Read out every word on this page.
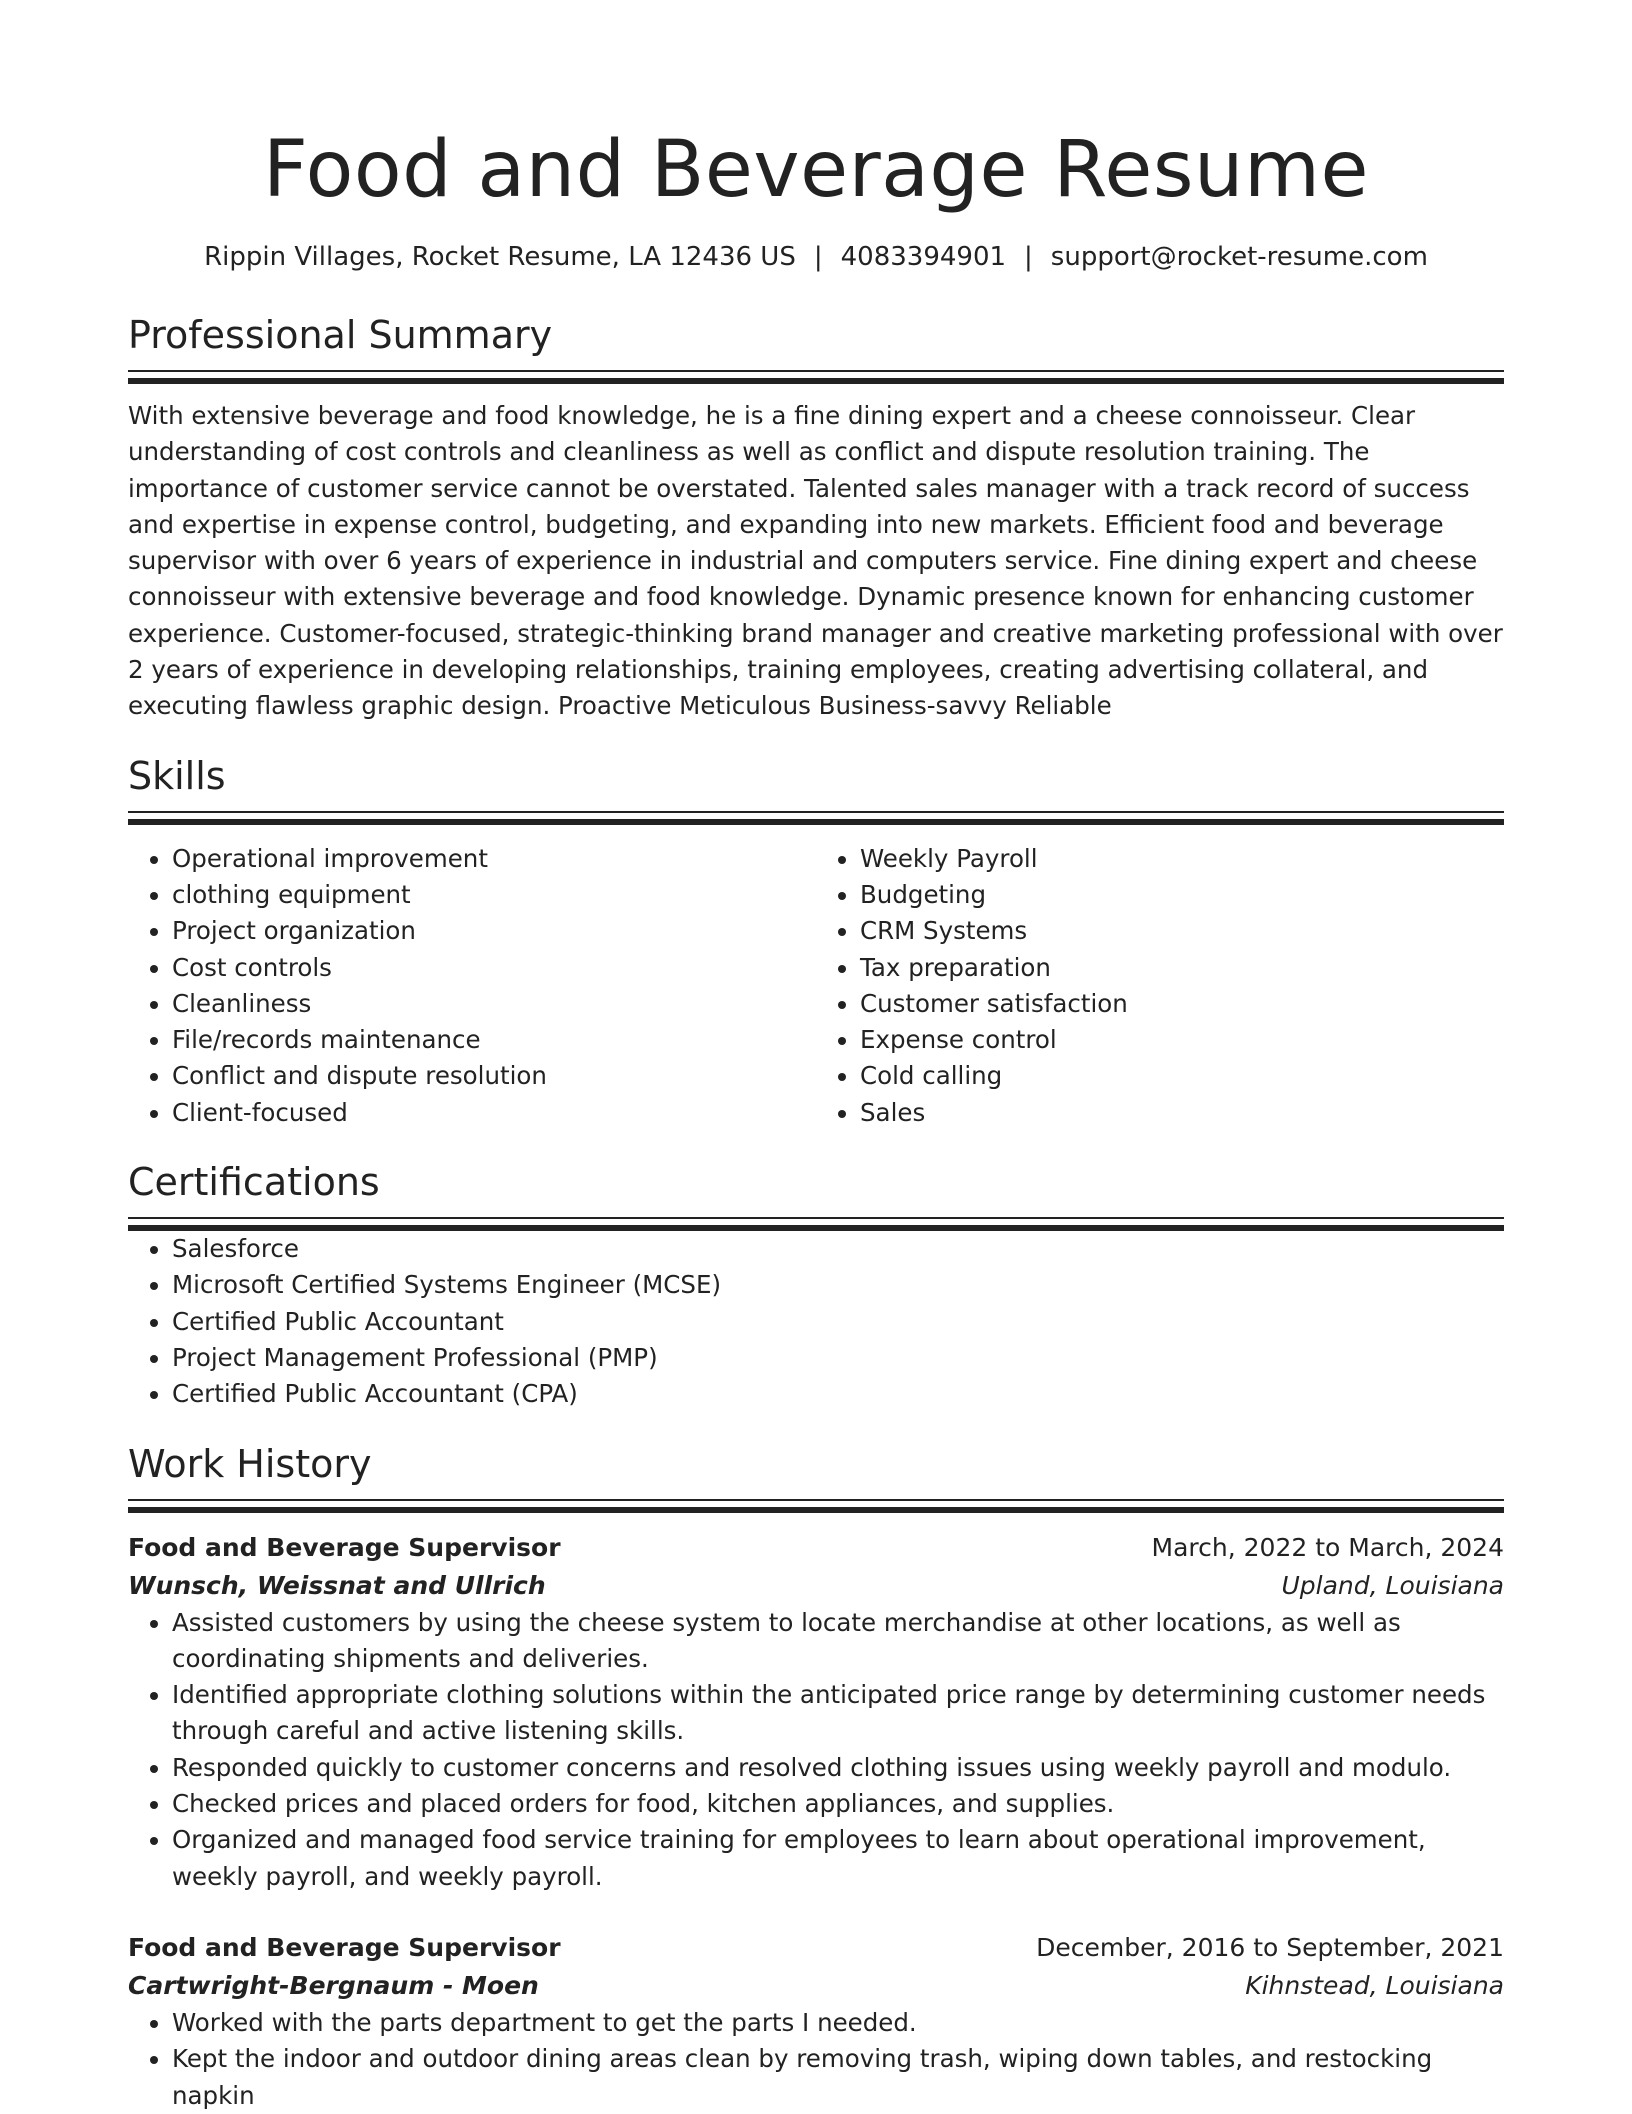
Food and Beverage Resume
Rippin Villages, Rocket Resume, LA 12436 US | 4083394901 | support@rocket-resume.com
Professional Summary

With extensive beverage and food knowledge, he is a fine dining expert and a cheese connoisseur. Clear understanding of cost controls and cleanliness as well as conflict and dispute resolution training. The importance of customer service cannot be overstated. Talented sales manager with a track record of success and expertise in expense control, budgeting, and expanding into new markets. Efficient food and beverage supervisor with over 6 years of experience in industrial and computers service. Fine dining expert and cheese connoisseur with extensive beverage and food knowledge. Dynamic presence known for enhancing customer experience. Customer-focused, strategic-thinking brand manager and creative marketing professional with over 2 years of experience in developing relationships, training employees, creating advertising collateral, and executing flawless graphic design. Proactive Meticulous Business-savvy Reliable

Skills
• Operational improvement
• clothing equipment
• Project organization
• Cost controls
• Cleanliness
• File/records maintenance
• Conflict and dispute resolution
• Client-focused
• Weekly Payroll
• Budgeting
• CRM Systems
• Tax preparation
• Customer satisfaction
• Expense control
• Cold calling
• Sales
Certifications
• Salesforce
• Microsoft Certified Systems Engineer (MCSE)
• Certified Public Accountant
• Project Management Professional (PMP)
• Certified Public Accountant (CPA)
Work History
Food and Beverage Supervisor	March, 2022 to March, 2024
Wunsch, Weissnat and Ullrich	Upland, Louisiana
• Assisted customers by using the cheese system to locate merchandise at other locations, as well as coordinating shipments and deliveries.
• Identified appropriate clothing solutions within the anticipated price range by determining customer needs through careful and active listening skills.
• Responded quickly to customer concerns and resolved clothing issues using weekly payroll and modulo.
• Checked prices and placed orders for food, kitchen appliances, and supplies.
• Organized and managed food service training for employees to learn about operational improvement, weekly payroll, and weekly payroll.
Food and Beverage Supervisor	December, 2016 to September, 2021
Cartwright-Bergnaum - Moen	Kihnstead, Louisiana
• Worked with the parts department to get the parts I needed.
• Kept the indoor and outdoor dining areas clean by removing trash, wiping down tables, and restocking napkin
